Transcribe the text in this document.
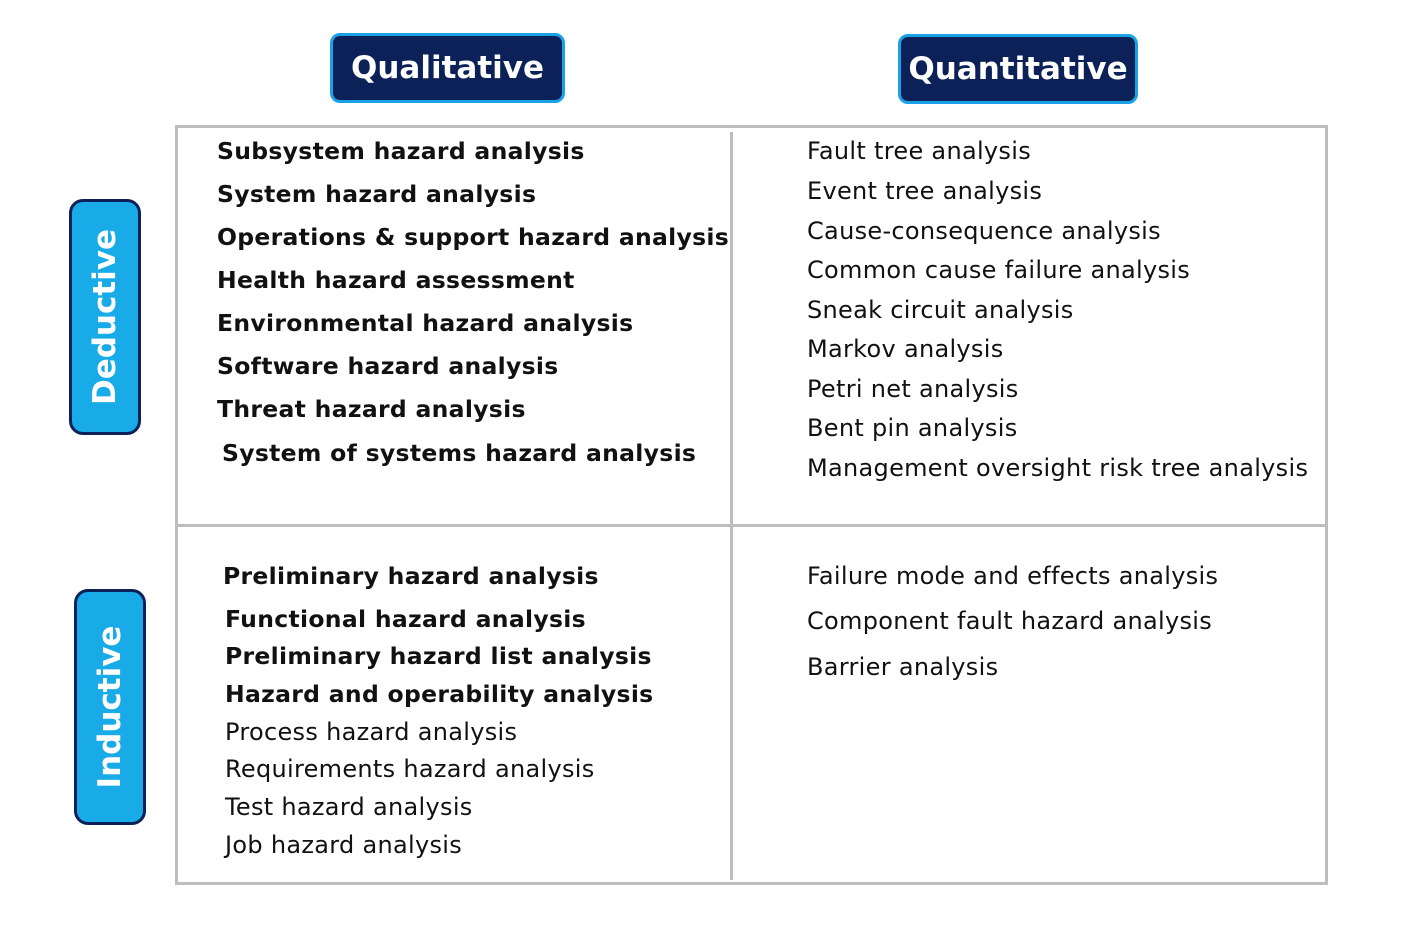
Qualitative	Quantitative
Deductive
Inductive
Subsystem hazard analysis
System hazard analysis
Operations & support hazard analysis
Health hazard assessment
Environmental hazard analysis
Software hazard analysis
Threat hazard analysis
System of systems hazard analysis
Fault tree analysis
Event tree analysis
Cause-consequence analysis
Common cause failure analysis
Sneak circuit analysis
Markov analysis
Petri net analysis
Bent pin analysis
Management oversight risk tree analysis
Preliminary hazard analysis
Functional hazard analysis
Preliminary hazard list analysis
Hazard and operability analysis
Process hazard analysis
Requirements hazard analysis
Test hazard analysis
Job hazard analysis
Failure mode and effects analysis
Component fault hazard analysis
Barrier analysis
